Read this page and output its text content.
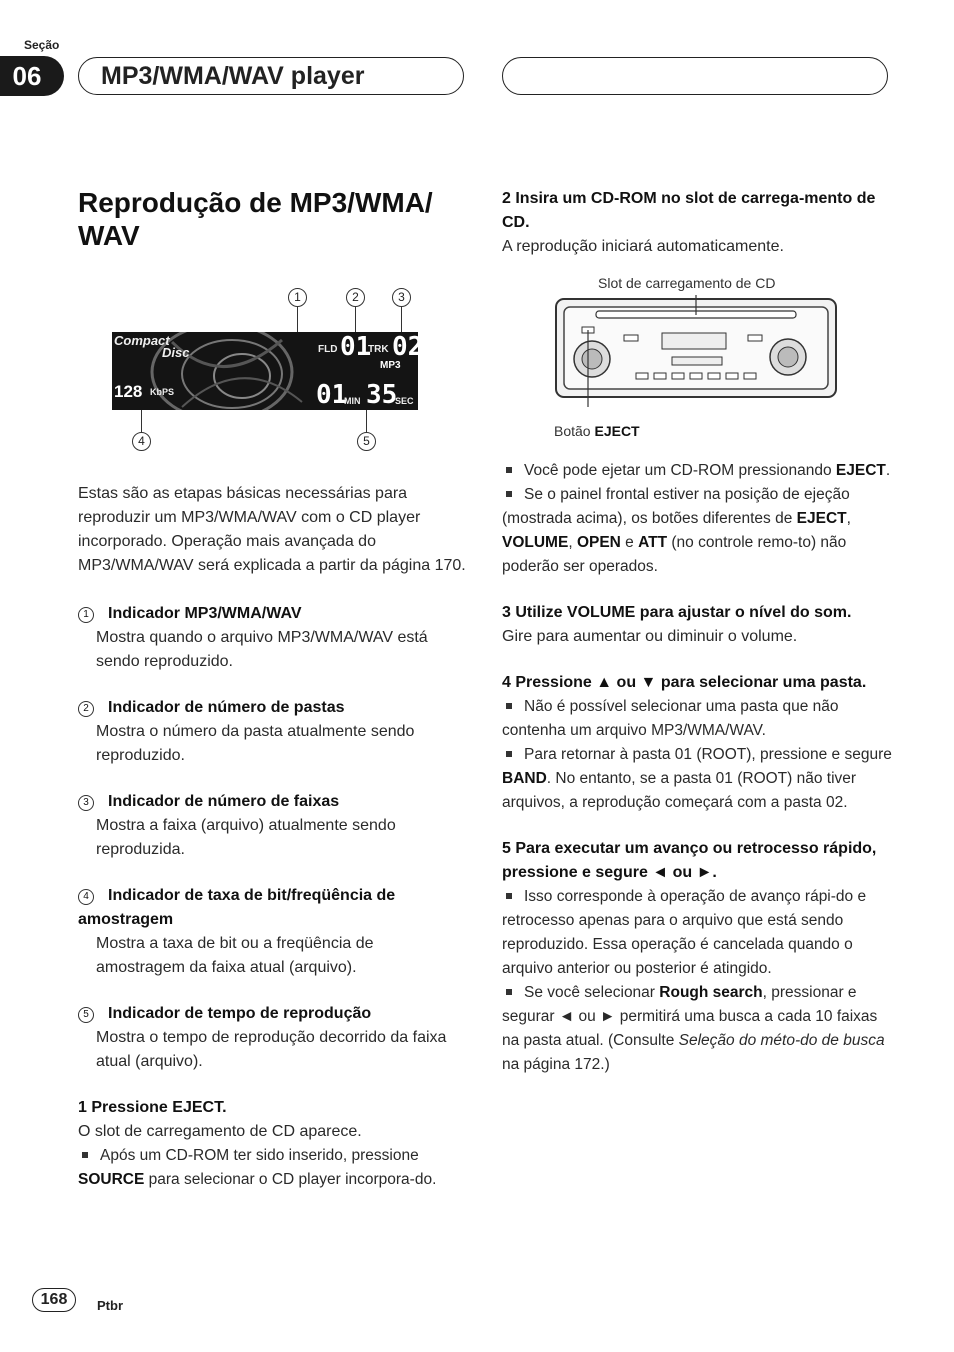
Seção
06	MP3/WMA/WAV player
Reprodução de MP3/WMA/ WAV
1	2	3
4	5
Compact
Disc	FLD 01
TRK 02
MP3
128 KbPS	01
MIN 35
SEC

Estas são as etapas básicas necessárias para reproduzir um MP3/WMA/WAV com o CD player incorporado. Operação mais avançada do MP3/WMA/WAV será explicada a partir da página 170.

1 Indicador MP3/WMA/WAV

Mostra quando o arquivo MP3/WMA/WAV está sendo reproduzido.

2 Indicador de número de pastas

Mostra o número da pasta atualmente sendo reproduzido.

3 Indicador de número de faixas

Mostra a faixa (arquivo) atualmente sendo reproduzida.

4 Indicador de taxa de bit/freqüência de amostragem

Mostra a taxa de bit ou a freqüência de amostragem da faixa atual (arquivo).

5 Indicador de tempo de reprodução

Mostra o tempo de reprodução decorrido da faixa atual (arquivo).

1 Pressione EJECT.

O slot de carregamento de CD aparece.

Após um CD-ROM ter sido inserido, pressione SOURCE para selecionar o CD player incorpora-do.

2 Insira um CD-ROM no slot de carrega-mento de CD.

A reprodução iniciará automaticamente.

Slot de carregamento de CD
Botão EJECT

Você pode ejetar um CD-ROM pressionando EJECT.

Se o painel frontal estiver na posição de ejeção (mostrada acima), os botões diferentes de EJECT, VOLUME, OPEN e ATT (no controle remo-to) não poderão ser operados.

3 Utilize VOLUME para ajustar o nível do som.

Gire para aumentar ou diminuir o volume.

4 Pressione ▲ ou ▼ para selecionar uma pasta.

Não é possível selecionar uma pasta que não contenha um arquivo MP3/WMA/WAV.

Para retornar à pasta 01 (ROOT), pressione e segure BAND. No entanto, se a pasta 01 (ROOT) não tiver arquivos, a reprodução começará com a pasta 02.

5 Para executar um avanço ou retrocesso rápido, pressione e segure ◄ ou ►.

Isso corresponde à operação de avanço rápi-do e retrocesso apenas para o arquivo que está sendo reproduzido. Essa operação é cancelada quando o arquivo anterior ou posterior é atingido.

Se você selecionar Rough search, pressionar e segurar ◄ ou ► permitirá uma busca a cada 10 faixas na pasta atual. (Consulte Seleção do méto-do de busca na página 172.)

168	Ptbr
